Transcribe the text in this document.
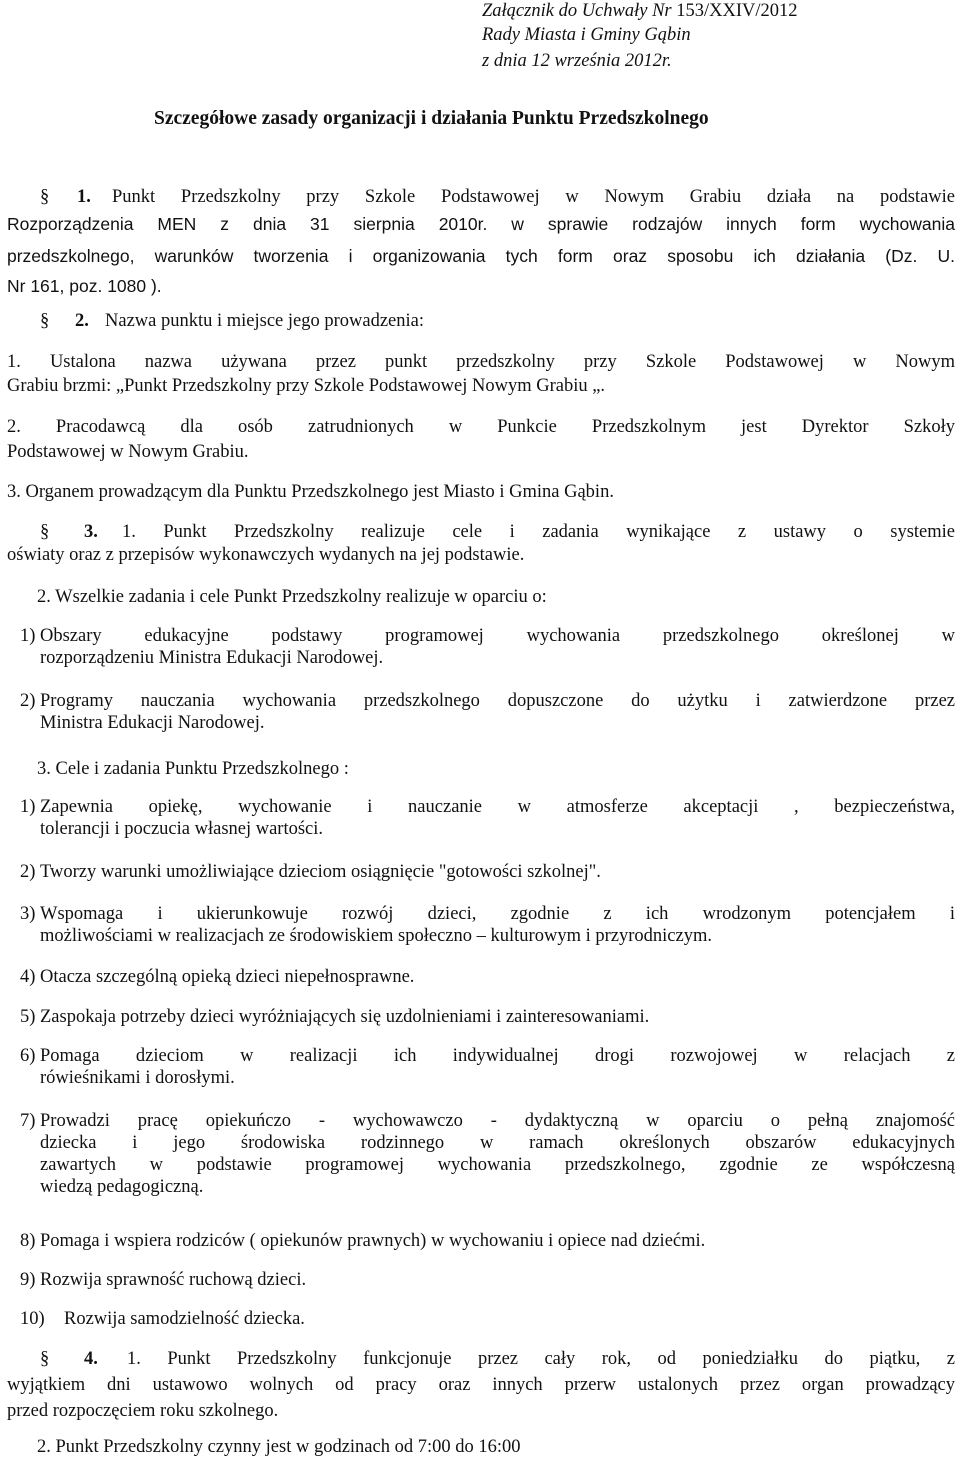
Załącznik do Uchwały Nr 153/XXIV/2012
Rady Miasta i Gminy Gąbin
z dnia 12 września 2012r.
Szczegółowe zasady organizacji i działania Punktu Przedszkolnego
§ 1. Punkt Przedszkolny przy Szkole Podstawowej w Nowym Grabiu działa na podstawie
Rozporządzenia MEN z dnia 31 sierpnia 2010r. w sprawie rodzajów innych form wychowania
przedszkolnego, warunków tworzenia i organizowania tych form oraz sposobu ich działania (Dz. U.
Nr 161, poz. 1080 ).
§ 2. Nazwa punktu i miejsce jego prowadzenia:
1. Ustalona nazwa używana przez punkt przedszkolny przy Szkole Podstawowej w Nowym
Grabiu brzmi: „Punkt Przedszkolny przy Szkole Podstawowej Nowym Grabiu „.
2. Pracodawcą dla osób zatrudnionych w Punkcie Przedszkolnym jest Dyrektor Szkoły
Podstawowej w Nowym Grabiu.
3. Organem prowadzącym dla Punktu Przedszkolnego jest Miasto i Gmina Gąbin.
§ 3. 1. Punkt Przedszkolny realizuje cele i zadania wynikające z ustawy o systemie
oświaty oraz z przepisów wykonawczych wydanych na jej podstawie.
2. Wszelkie zadania i cele Punkt Przedszkolny realizuje w oparciu o:
1) Obszary edukacyjne podstawy programowej wychowania przedszkolnego określonej w
rozporządzeniu Ministra Edukacji Narodowej.
2) Programy nauczania wychowania przedszkolnego dopuszczone do użytku i zatwierdzone przez
Ministra Edukacji Narodowej.
3. Cele i zadania Punktu Przedszkolnego :
1) Zapewnia opiekę, wychowanie i nauczanie w atmosferze akceptacji , bezpieczeństwa,
tolerancji i poczucia własnej wartości.
2) Tworzy warunki umożliwiające dzieciom osiągnięcie "gotowości szkolnej".
3) Wspomaga i ukierunkowuje rozwój dzieci, zgodnie z ich wrodzonym potencjałem i
możliwościami w realizacjach ze środowiskiem społeczno – kulturowym i przyrodniczym.
4) Otacza szczególną opieką dzieci niepełnosprawne.
5) Zaspokaja potrzeby dzieci wyróżniających się uzdolnieniami i zainteresowaniami.
6) Pomaga dzieciom w realizacji ich indywidualnej drogi rozwojowej w relacjach z
rówieśnikami i dorosłymi.
7) Prowadzi pracę opiekuńczo - wychowawczo - dydaktyczną w oparciu o pełną znajomość
dziecka i jego środowiska rodzinnego w ramach określonych obszarów edukacyjnych
zawartych w podstawie programowej wychowania przedszkolnego, zgodnie ze współczesną
wiedzą pedagogiczną.
8) Pomaga i wspiera rodziców ( opiekunów prawnych) w wychowaniu i opiece nad dziećmi.
9) Rozwija sprawność ruchową dzieci.
10) Rozwija samodzielność dziecka.
§ 4. 1. Punkt Przedszkolny funkcjonuje przez cały rok, od poniedziałku do piątku, z
wyjątkiem dni ustawowo wolnych od pracy oraz innych przerw ustalonych przez organ prowadzący
przed rozpoczęciem roku szkolnego.
2. Punkt Przedszkolny czynny jest w godzinach od 7:00 do 16:00
